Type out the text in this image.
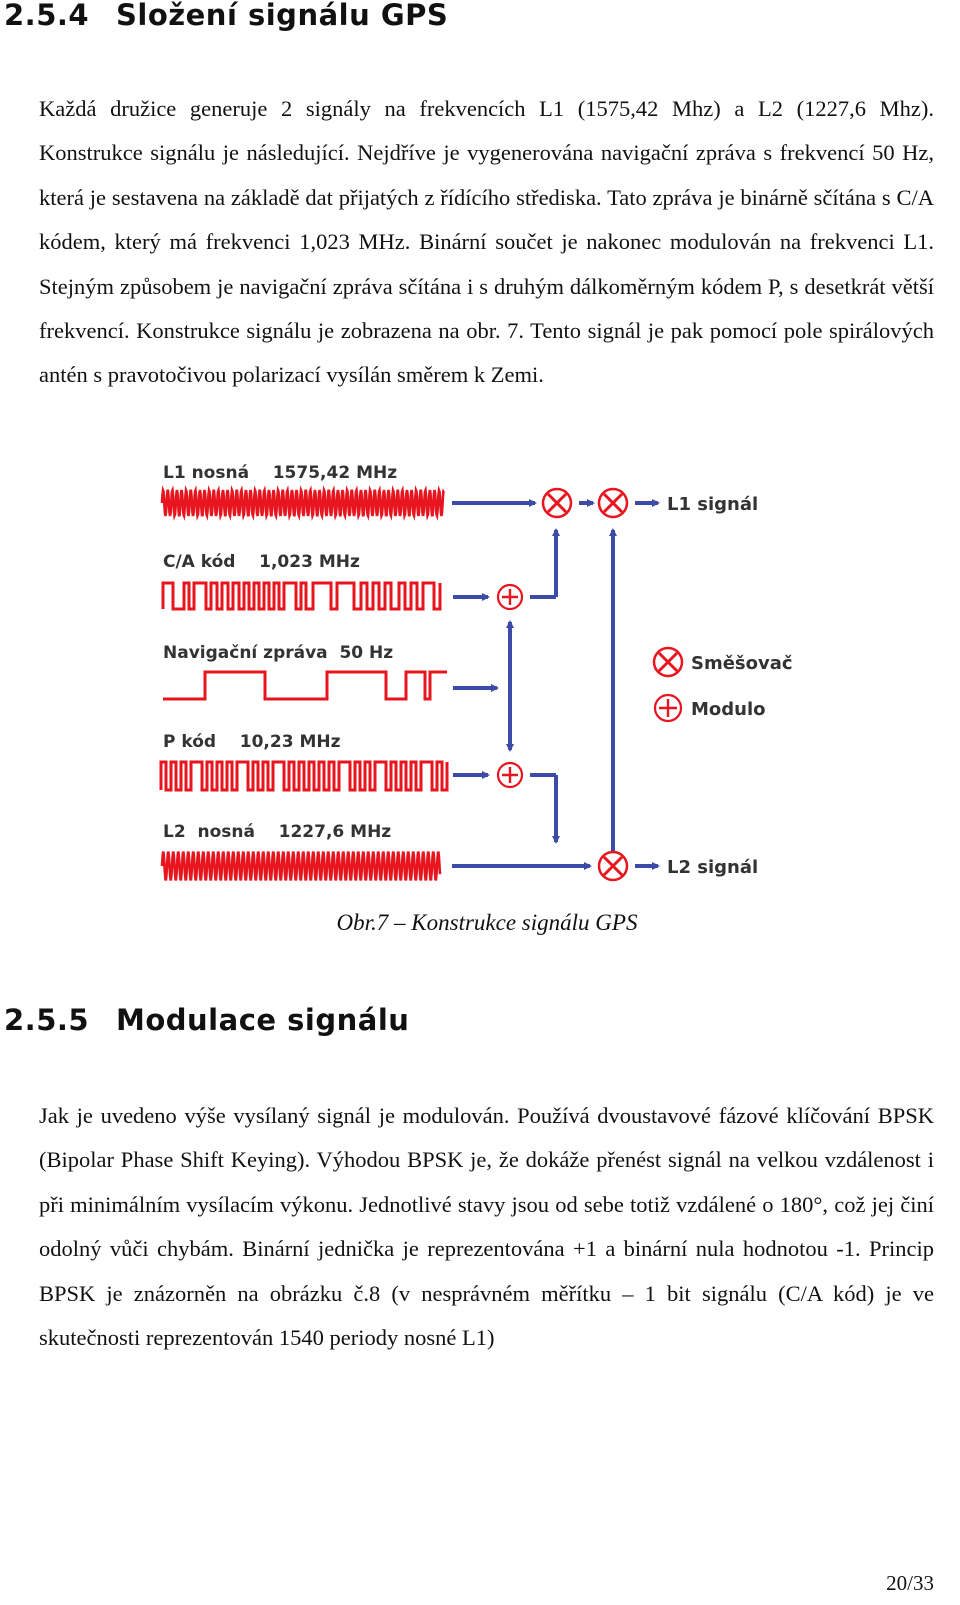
2.5.4 Složení signálu GPS

Každá družice generuje 2 signály na frekvencích L1 (1575,42 Mhz) a L2 (1227,6 Mhz). Konstrukce signálu je následující. Nejdříve je vygenerována navigační zpráva s frekvencí 50 Hz, která je sestavena na základě dat přijatých z řídícího střediska. Tato zpráva je binárně sčítána s C/A kódem, který má frekvenci 1,023 MHz. Binární součet je nakonec modulován na frekvenci L1. Stejným způsobem je navigační zpráva sčítána i s druhým dálkoměrným kódem P, s desetkrát větší frekvencí. Konstrukce signálu je zobrazena na obr. 7. Tento signál je pak pomocí pole spirálových antén s pravotočivou polarizací vysílán směrem k Zemi.

L1 nosná    1575,42 MHz
C/A kód    1,023 MHz
Navigační zpráva  50 Hz
P kód    10,23 MHz
L2  nosná    1227,6 MHz
L1 signál
L2 signál
Směšovač
Modulo
Obr.7 – Konstrukce signálu GPS
2.5.5 Modulace signálu

Jak je uvedeno výše vysílaný signál je modulován. Používá dvoustavové fázové klíčování BPSK (Bipolar Phase Shift Keying). Výhodou BPSK je, že dokáže přenést signál na velkou vzdálenost i při minimálním vysílacím výkonu. Jednotlivé stavy jsou od sebe totiž vzdálené o 180°, což jej činí odolný vůči chybám. Binární jednička je reprezentována +1 a binární nula hodnotou -1. Princip BPSK je znázorněn na obrázku č.8 (v nesprávném měřítku – 1 bit signálu (C/A kód) je ve skutečnosti reprezentován 1540 periody nosné L1)

20/33
